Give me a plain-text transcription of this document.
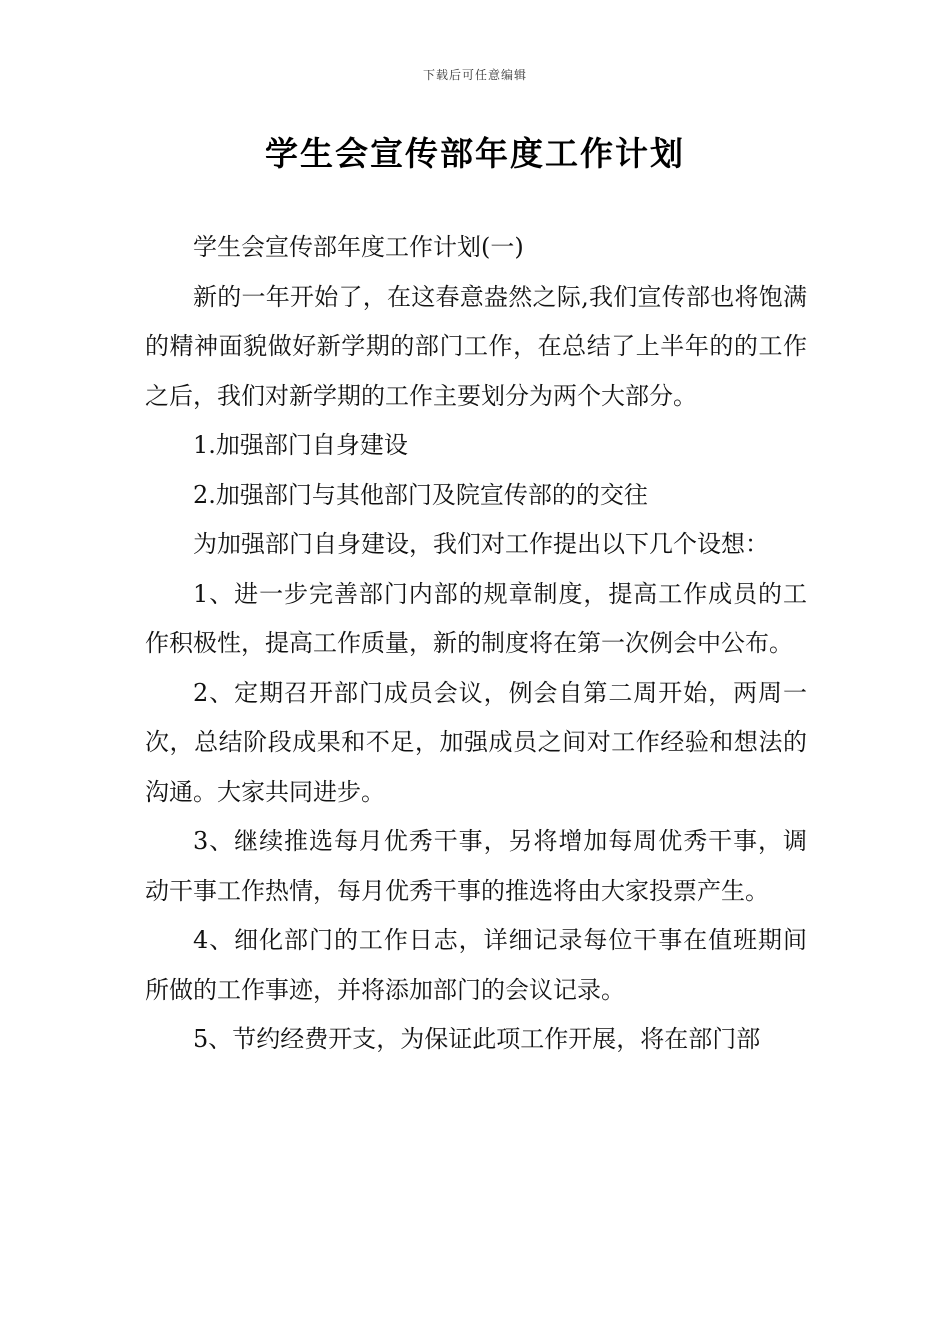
下载后可任意编辑
学生会宣传部年度工作计划

学生会宣传部年度工作计划(一)

新的一年开始了，在这春意盎然之际,我们宣传部也将饱满的精神面貌做好新学期的部门工作，在总结了上半年的的工作之后，我们对新学期的工作主要划分为两个大部分。

1.加强部门自身建设

2.加强部门与其他部门及院宣传部的的交往

为加强部门自身建设，我们对工作提出以下几个设想：

1、进一步完善部门内部的规章制度，提高工作成员的工作积极性，提高工作质量，新的制度将在第一次例会中公布。

2、定期召开部门成员会议，例会自第二周开始，两周一次，总结阶段成果和不足，加强成员之间对工作经验和想法的沟通。大家共同进步。

3、继续推选每月优秀干事，另将增加每周优秀干事，调动干事工作热情，每月优秀干事的推选将由大家投票产生。

4、细化部门的工作日志，详细记录每位干事在值班期间所做的工作事迹，并将添加部门的会议记录。

5、节约经费开支，为保证此项工作开展，将在部门部
